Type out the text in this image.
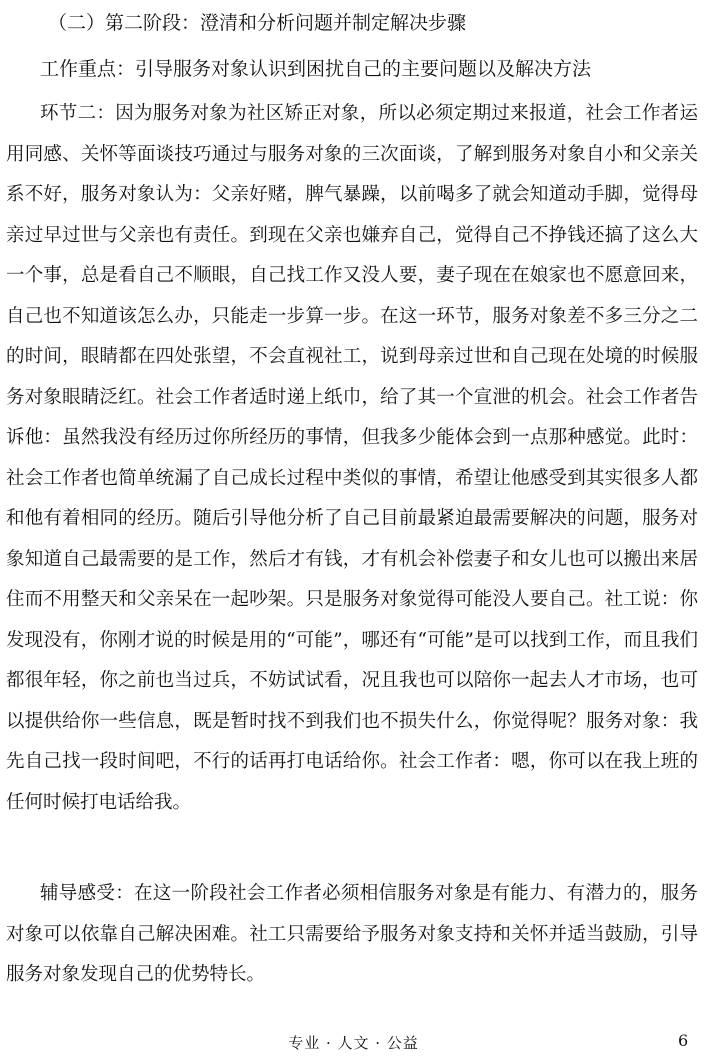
（二）第二阶段：澄清和分析问题并制定解决步骤
工作重点：引导服务对象认识到困扰自己的主要问题以及解决方法

环节二：因为服务对象为社区矫正对象，所以必须定期过来报道，社会工作者运用同感、关怀等面谈技巧通过与服务对象的三次面谈，了解到服务对象自小和父亲关系不好，服务对象认为：父亲好赌，脾气暴躁，以前喝多了就会知道动手脚，觉得母亲过早过世与父亲也有责任。到现在父亲也嫌弃自己，觉得自己不挣钱还搞了这么大一个事，总是看自己不顺眼，自己找工作又没人要，妻子现在在娘家也不愿意回来，自己也不知道该怎么办，只能走一步算一步。在这一环节，服务对象差不多三分之二的时间，眼睛都在四处张望，不会直视社工，说到母亲过世和自己现在处境的时候服务对象眼睛泛红。社会工作者适时递上纸巾，给了其一个宣泄的机会。社会工作者告诉他：虽然我没有经历过你所经历的事情，但我多少能体会到一点那种感觉。此时：社会工作者也简单统漏了自己成长过程中类似的事情，希望让他感受到其实很多人都和他有着相同的经历。随后引导他分析了自己目前最紧迫最需要解决的问题，服务对象知道自己最需要的是工作，然后才有钱，才有机会补偿妻子和女儿也可以搬出来居住而不用整天和父亲呆在一起吵架。只是服务对象觉得可能没人要自己。社工说：你发现没有，你刚才说的时候是用的“可能”，哪还有“可能”是可以找到工作，而且我们都很年轻，你之前也当过兵，不妨试试看，况且我也可以陪你一起去人才市场，也可以提供给你一些信息，既是暂时找不到我们也不损失什么，你觉得呢？服务对象：我先自己找一段时间吧，不行的话再打电话给你。社会工作者：嗯，你可以在我上班的任何时候打电话给我。

辅导感受：在这一阶段社会工作者必须相信服务对象是有能力、有潜力的，服务对象可以依靠自己解决困难。社工只需要给予服务对象支持和关怀并适当鼓励，引导服务对象发现自己的优势特长。

专业 · 人文 · 公益	6
